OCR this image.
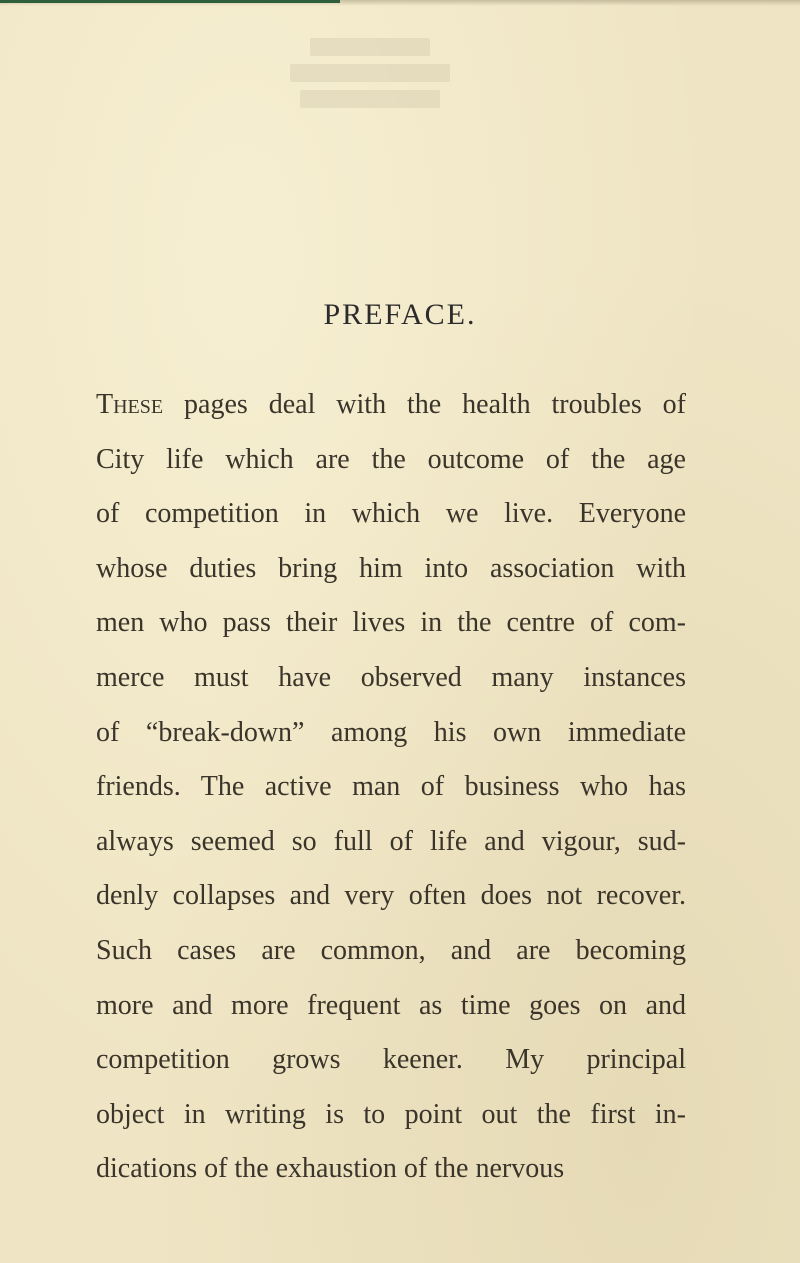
PREFACE.
These pages deal with the health troubles of
City life which are the outcome of the age
of competition in which we live. Everyone
whose duties bring him into association with
men who pass their lives in the centre of com-
merce must have observed many instances
of “break-down” among his own immediate
friends. The active man of business who has
always seemed so full of life and vigour, sud-
denly collapses and very often does not recover.
Such cases are common, and are becoming
more and more frequent as time goes on and
competition grows keener. My principal
object in writing is to point out the first in-
dications of the exhaustion of the nervous
